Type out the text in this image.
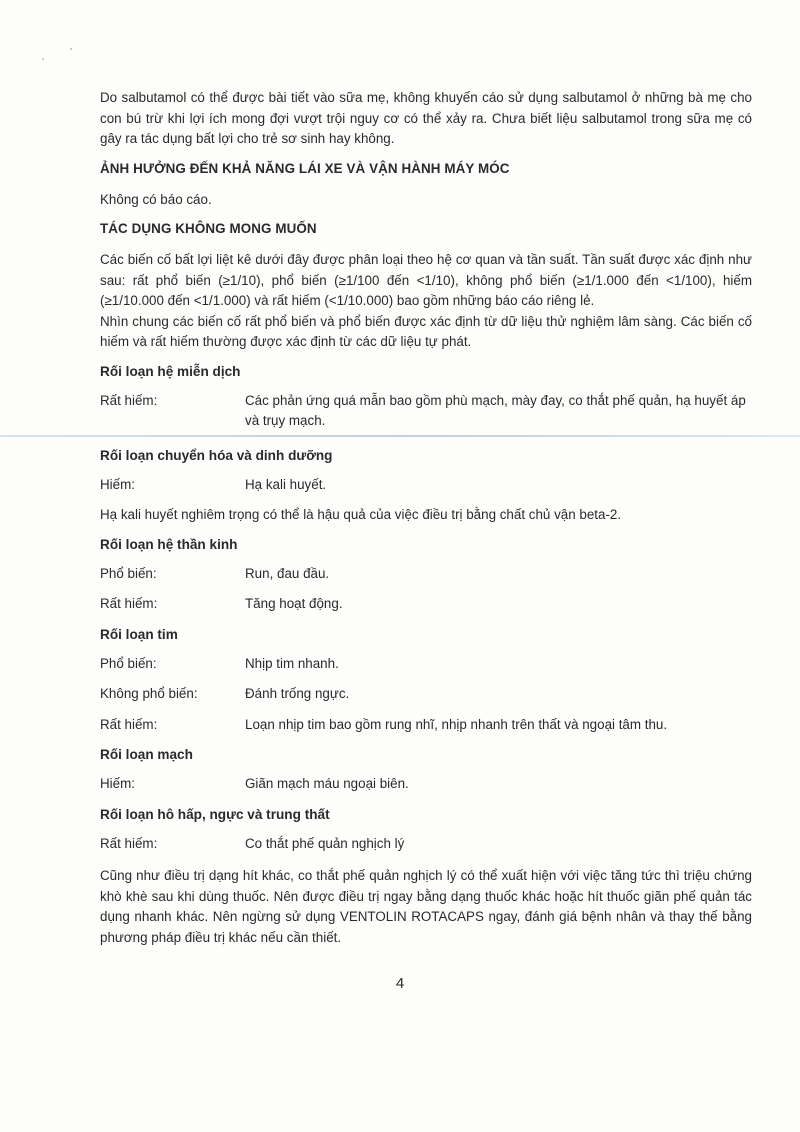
Do salbutamol có thể được bài tiết vào sữa mẹ, không khuyến cáo sử dụng salbutamol ở những bà mẹ cho con bú trừ khi lợi ích mong đợi vượt trội nguy cơ có thể xảy ra. Chưa biết liệu salbutamol trong sữa mẹ có gây ra tác dụng bất lợi cho trẻ sơ sinh hay không.

ẢNH HƯỞNG ĐẾN KHẢ NĂNG LÁI XE VÀ VẬN HÀNH MÁY MÓC

Không có báo cáo.

TÁC DỤNG KHÔNG MONG MUỐN

Các biến cố bất lợi liệt kê dưới đây được phân loại theo hệ cơ quan và tần suất. Tần suất được xác định như sau: rất phổ biến (≥1/10), phổ biến (≥1/100 đến <1/10), không phổ biến (≥1/1.000 đến <1/100), hiếm (≥1/10.000 đến <1/1.000) và rất hiếm (<1/10.000) bao gồm những báo cáo riêng lẻ.

Nhìn chung các biến cố rất phổ biến và phổ biến được xác định từ dữ liệu thử nghiệm lâm sàng. Các biến cố hiếm và rất hiếm thường được xác định từ các dữ liệu tự phát.

Rối loạn hệ miễn dịch
Rất hiếm:	Các phản ứng quá mẫn bao gồm phù mạch, mày đay, co thắt phế quản, hạ huyết áp và trụy mạch.
Rối loạn chuyển hóa và dinh dưỡng
Hiếm:	Hạ kali huyết.

Hạ kali huyết nghiêm trọng có thể là hậu quả của việc điều trị bằng chất chủ vận beta-2.

Rối loạn hệ thần kinh
Phổ biến:	Run, đau đầu.
Rất hiếm:	Tăng hoạt động.
Rối loạn tim
Phổ biến:	Nhịp tim nhanh.
Không phổ biến:	Đánh trống ngực.
Rất hiếm:	Loạn nhịp tim bao gồm rung nhĩ, nhịp nhanh trên thất và ngoại tâm thu.
Rối loạn mạch
Hiếm:	Giãn mạch máu ngoại biên.
Rối loạn hô hấp, ngực và trung thất
Rất hiếm:	Co thắt phế quản nghịch lý

Cũng như điều trị dạng hít khác, co thắt phế quản nghịch lý có thể xuất hiện với việc tăng tức thì triệu chứng khò khè sau khi dùng thuốc. Nên được điều trị ngay bằng dạng thuốc khác hoặc hít thuốc giãn phế quản tác dụng nhanh khác. Nên ngừng sử dụng VENTOLIN ROTACAPS ngay, đánh giá bệnh nhân và thay thế bằng phương pháp điều trị khác nếu cần thiết.

4
